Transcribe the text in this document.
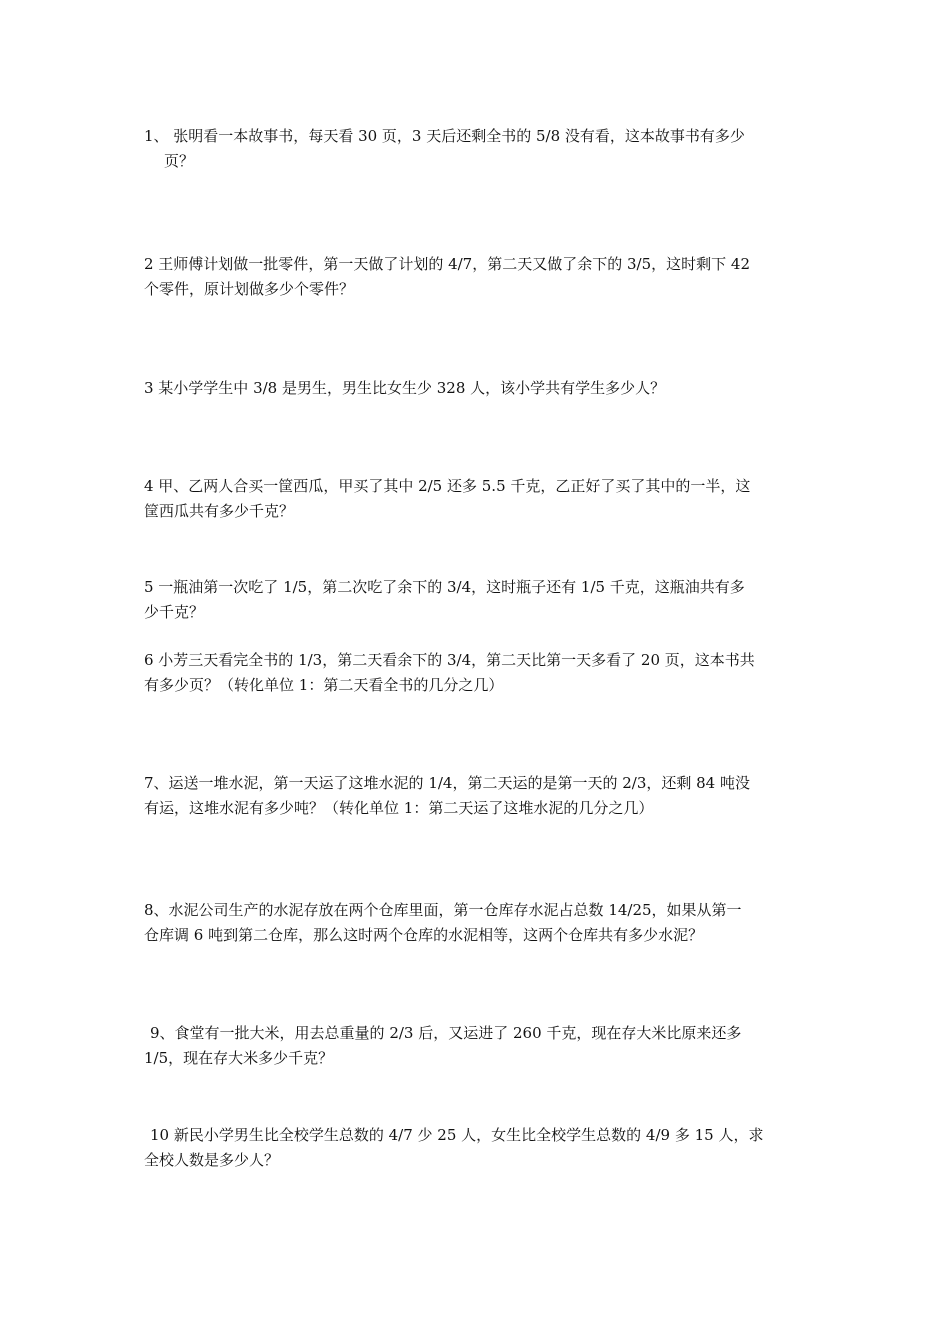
1、 张明看一本故事书，每天看 30 页，3 天后还剩全书的 5/8 没有看，这本故事书有多少
页？

2 王师傅计划做一批零件，第一天做了计划的 4/7，第二天又做了余下的 3/5，这时剩下 42
个零件，原计划做多少个零件？

3 某小学学生中 3/8 是男生，男生比女生少 328 人，该小学共有学生多少人？

4 甲、乙两人合买一筐西瓜，甲买了其中 2/5 还多 5.5 千克，乙正好了买了其中的一半，这
筐西瓜共有多少千克？

5 一瓶油第一次吃了 1/5，第二次吃了余下的 3/4，这时瓶子还有 1/5 千克，这瓶油共有多
少千克？

6 小芳三天看完全书的 1/3，第二天看余下的 3/4，第二天比第一天多看了 20 页，这本书共
有多少页？（转化单位 1：第二天看全书的几分之几）

7、运送一堆水泥，第一天运了这堆水泥的 1/4，第二天运的是第一天的 2/3，还剩 84 吨没
有运，这堆水泥有多少吨？（转化单位 1：第二天运了这堆水泥的几分之几）

8、水泥公司生产的水泥存放在两个仓库里面，第一仓库存水泥占总数 14/25，如果从第一
仓库调 6 吨到第二仓库，那么这时两个仓库的水泥相等，这两个仓库共有多少水泥？

9、食堂有一批大米，用去总重量的 2/3 后，又运进了 260 千克，现在存大米比原来还多
1/5，现在存大米多少千克？

10 新民小学男生比全校学生总数的 4/7 少 25 人，女生比全校学生总数的 4/9 多 15 人，求
全校人数是多少人？
